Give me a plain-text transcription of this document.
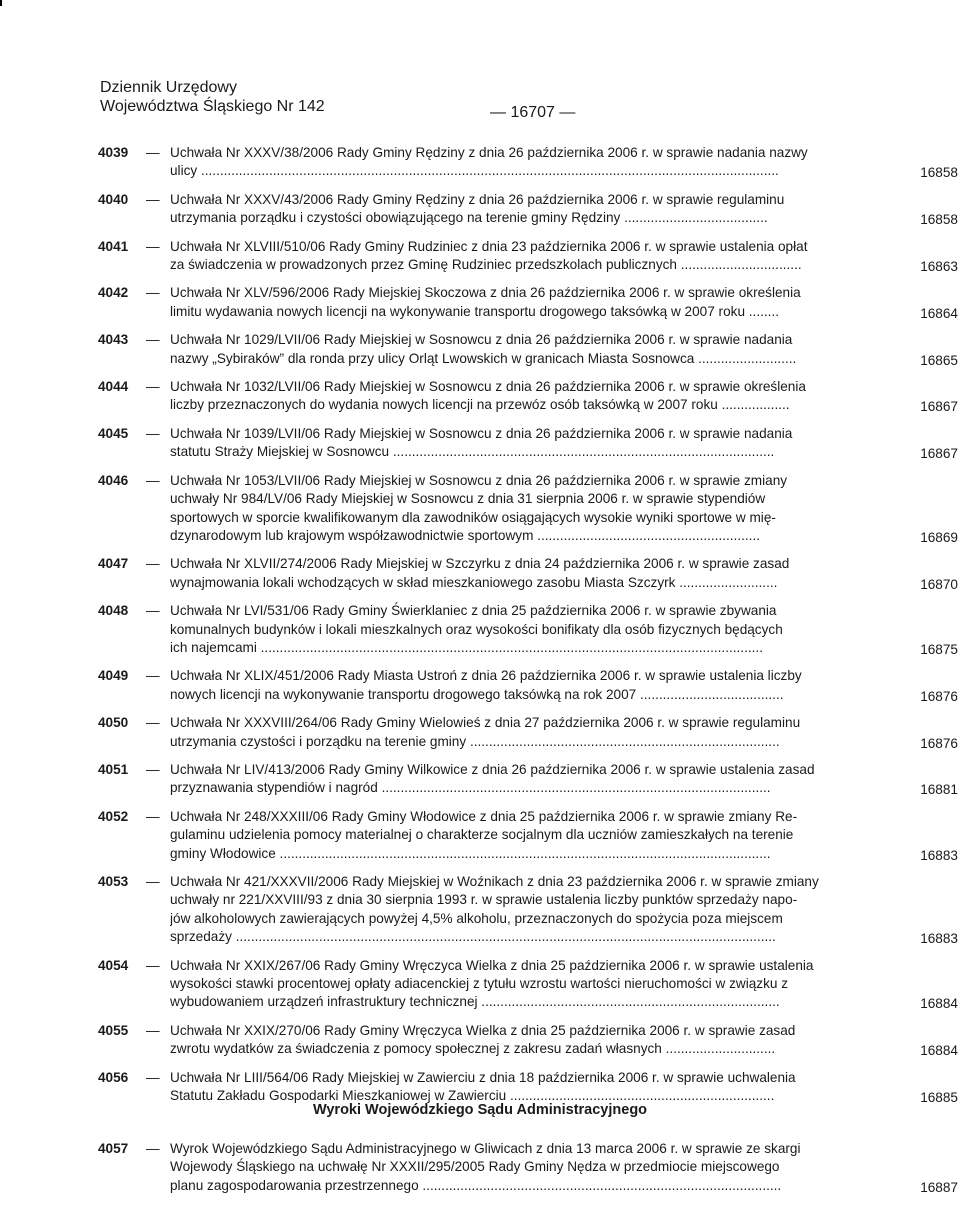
Dziennik Urzędowy
Województwa Śląskiego Nr 142	— 16707 —
4039 — Uchwała Nr XXXV/38/2006 Rady Gminy Rędziny z dnia 26 października 2006 r. w sprawie nadania nazwy
ulicy .........................................................................................................................................................	16858
4040 — Uchwała Nr XXXV/43/2006 Rady Gminy Rędziny z dnia 26 października 2006 r. w sprawie regulaminu
utrzymania porządku i czystości obowiązującego na terenie gminy Rędziny ......................................	16858
4041 — Uchwała Nr XLVIII/510/06 Rady Gminy Rudziniec z dnia 23 października 2006 r. w sprawie ustalenia opłat
za świadczenia w prowadzonych przez Gminę Rudziniec przedszkolach publicznych ................................	16863
4042 — Uchwała Nr XLV/596/2006 Rady Miejskiej Skoczowa z dnia 26 października 2006 r. w sprawie określenia
limitu wydawania nowych licencji na wykonywanie transportu drogowego taksówką w 2007 roku ........	16864
4043 — Uchwała Nr 1029/LVII/06 Rady Miejskiej w Sosnowcu z dnia 26 października 2006 r. w sprawie nadania
nazwy „Sybiraków” dla ronda przy ulicy Orląt Lwowskich w granicach Miasta Sosnowca ..........................	16865
4044 — Uchwała Nr 1032/LVII/06 Rady Miejskiej w Sosnowcu z dnia 26 października 2006 r. w sprawie określenia
liczby przeznaczonych do wydania nowych licencji na przewóz osób taksówką w 2007 roku ..................	16867
4045 — Uchwała Nr 1039/LVII/06 Rady Miejskiej w Sosnowcu z dnia 26 października 2006 r. w sprawie nadania
statutu Straży Miejskiej w Sosnowcu .....................................................................................................	16867
4046 — Uchwała Nr 1053/LVII/06 Rady Miejskiej w Sosnowcu z dnia 26 października 2006 r. w sprawie zmiany
uchwały Nr 984/LV/06 Rady Miejskiej w Sosnowcu z dnia 31 sierpnia 2006 r. w sprawie stypendiów
sportowych w sporcie kwalifikowanym dla zawodników osiągających wysokie wyniki sportowe w mię-
dzynarodowym lub krajowym współzawodnictwie sportowym ...........................................................	16869
4047 — Uchwała Nr XLVII/274/2006 Rady Miejskiej w Szczyrku z dnia 24 października 2006 r. w sprawie zasad
wynajmowania lokali wchodzących w skład mieszkaniowego zasobu Miasta Szczyrk ..........................	16870
4048 — Uchwała Nr LVI/531/06 Rady Gminy Świerklaniec z dnia 25 października 2006 r. w sprawie zbywania
komunalnych budynków i lokali mieszkalnych oraz wysokości bonifikaty dla osób fizycznych będących
ich najemcami .....................................................................................................................................	16875
4049 — Uchwała Nr XLIX/451/2006 Rady Miasta Ustroń z dnia 26 października 2006 r. w sprawie ustalenia liczby
nowych licencji na wykonywanie transportu drogowego taksówką na rok 2007 ......................................	16876
4050 — Uchwała Nr XXXVIII/264/06 Rady Gminy Wielowieś z dnia 27 października 2006 r. w sprawie regulaminu
utrzymania czystości i porządku na terenie gminy ..................................................................................	16876
4051 — Uchwała Nr LIV/413/2006 Rady Gminy Wilkowice z dnia 26 października 2006 r. w sprawie ustalenia zasad
przyznawania stypendiów i nagród .......................................................................................................	16881
4052 — Uchwała Nr 248/XXXIII/06 Rady Gminy Włodowice z dnia 25 października 2006 r. w sprawie zmiany Re-
gulaminu udzielenia pomocy materialnej o charakterze socjalnym dla uczniów zamieszkałych na terenie
gminy Włodowice ..................................................................................................................................	16883
4053 — Uchwała Nr 421/XXXVII/2006 Rady Miejskiej w Woźnikach z dnia 23 października 2006 r. w sprawie zmiany
uchwały nr 221/XXVIII/93 z dnia 30 sierpnia 1993 r. w sprawie ustalenia liczby punktów sprzedaży napo-
jów alkoholowych zawierających powyżej 4,5% alkoholu, przeznaczonych do spożycia poza miejscem
sprzedaży ...............................................................................................................................................	16883
4054 — Uchwała Nr XXIX/267/06 Rady Gminy Wręczyca Wielka z dnia 25 października 2006 r. w sprawie ustalenia
wysokości stawki procentowej opłaty adiacenckiej z tytułu wzrostu wartości nieruchomości w związku z
wybudowaniem urządzeń infrastruktury technicznej ...............................................................................	16884
4055 — Uchwała Nr XXIX/270/06 Rady Gminy Wręczyca Wielka z dnia 25 października 2006 r. w sprawie zasad
zwrotu wydatków za świadczenia z pomocy społecznej z zakresu zadań własnych .............................	16884
4056 — Uchwała Nr LIII/564/06 Rady Miejskiej w Zawierciu z dnia 18 października 2006 r. w sprawie uchwalenia
Statutu Zakładu Gospodarki Mieszkaniowej w Zawierciu ......................................................................	16885
Wyroki Wojewódzkiego Sądu Administracyjnego
4057 — Wyrok Wojewódzkiego Sądu Administracyjnego w Gliwicach z dnia 13 marca 2006 r. w sprawie ze skargi
Wojewody Śląskiego na uchwałę Nr XXXII/295/2005 Rady Gminy Nędza w przedmiocie miejscowego
planu zagospodarowania przestrzennego ...............................................................................................	16887
